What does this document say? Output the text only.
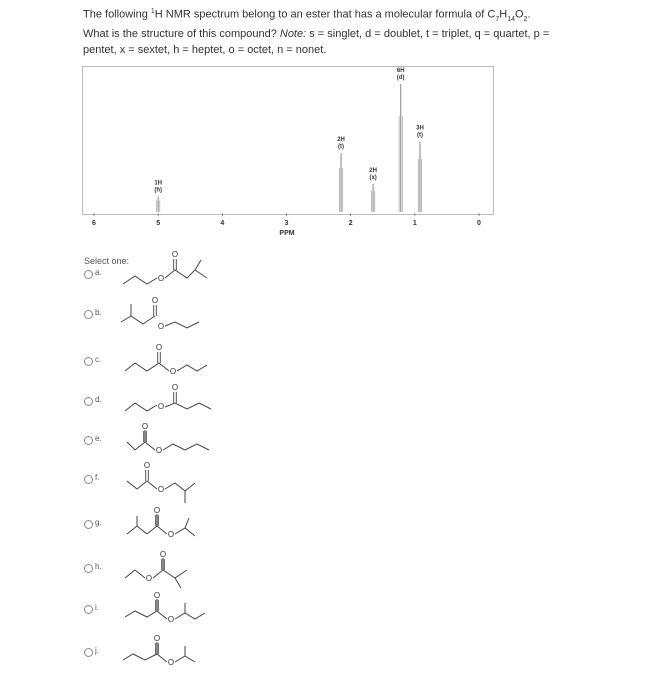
The following $^1$H NMR spectrum belong to an ester that has a molecular formula of $C_7H_{14}O_2$. What is the structure of this compound? Note: s = singlet, d = doublet, t = triplet, q = quartet, p = pentet, x = sextet, h = heptet, o = octet, n = nonet.
1H
(h)
2H
(t)
2H
(x)
6H
(d)
3H
(t)
6	5	4	3	2	1	0
PPM
Select one:
a.
O
O
b.
O
O
c.
O
O
d.
O
O
e.
O
O
f.
O
O
g.
O
O
h.
O
O
i.
O
O
j.
O
O
